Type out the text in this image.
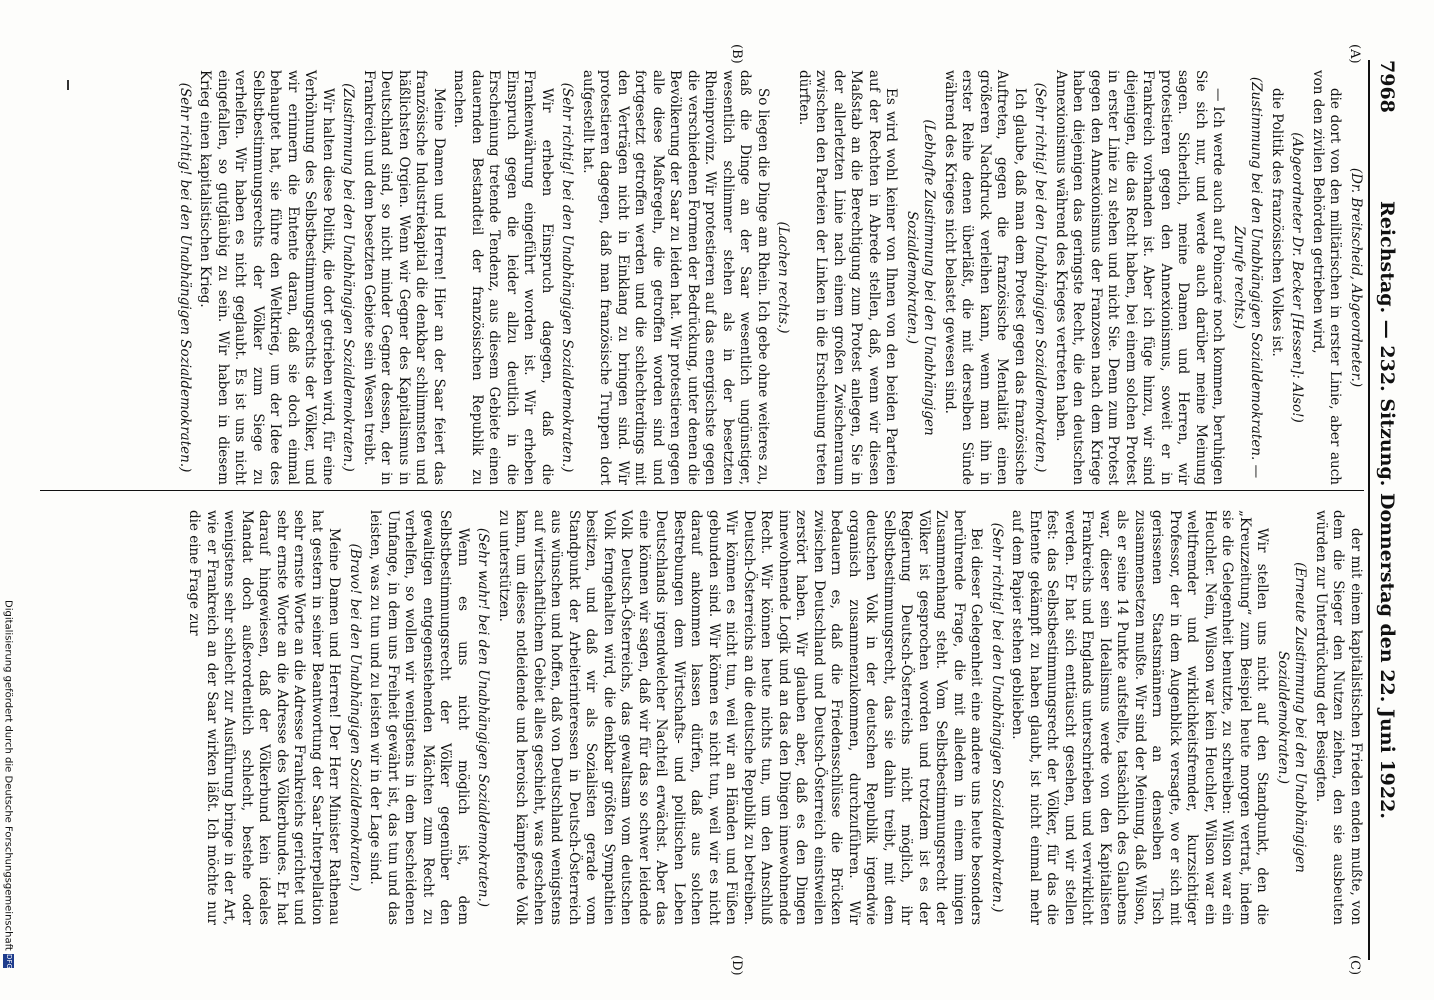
7968
Reichstag. — 232. Sitzung. Donnerstag den 22. Juni 1922.

(Dr. Breitscheid, Abgeordneter.)

die dort von den militärischen in erster Linie, aber auch von den zivilen Behörden getrieben wird,

(Abgeordneter Dr. Becker [Hessen]: Also!)

die Politik des französischen Volkes ist.

(Zustimmung bei den Unabhängigen Sozialdemokraten. — Zurufe rechts.)

— Ich werde auch auf Poincaré noch kommen, beruhigen Sie sich nur, und werde auch darüber meine Meinung sagen. Sicherlich, meine Damen und Herren, wir protestieren gegen den Annexionismus, soweit er in Frankreich vorhanden ist. Aber ich füge hinzu, wir sind diejenigen, die das Recht haben, bei einem solchen Protest in erster Linie zu stehen und nicht Sie. Denn zum Protest gegen den Annexionismus der Franzosen nach dem Kriege haben diejenigen das geringste Recht, die den deutschen Annexionismus während des Krieges vertreten haben.

(Sehr richtig! bei den Unabhängigen Sozialdemokraten.)

Ich glaube, daß man dem Protest gegen das französische Auftreten, gegen die französische Mentalität einen größeren Nachdruck verleihen kann, wenn man ihn in erster Reihe denen überläßt, die mit derselben Sünde während des Krieges nicht belastet gewesen sind.

(Lebhafte Zustimmung bei den Unabhängigen Sozialdemokraten.)

Es wird wohl keiner von Ihnen von den beiden Parteien auf der Rechten in Abrede stellen, daß, wenn wir diesen Maßstab an die Berechtigung zum Protest anlegen, Sie in der allerletzten Linie nach einem großen Zwischenraum zwischen den Parteien der Linken in die Erscheinung treten dürften.

(Lachen rechts.)

So liegen die Dinge am Rhein. Ich gebe ohne weiteres zu, daß die Dinge an der Saar wesentlich ungünstiger, wesentlich schlimmer stehen als in der besetzten Rheinprovinz. Wir protestieren auf das energischste gegen die verschiedenen Formen der Bedrückung, unter denen die Bevölkerung der Saar zu leiden hat. Wir protestieren gegen alle diese Maßregeln, die getroffen worden sind und fortgesetzt getroffen werden und die schlechterdings mit den Verträgen nicht in Einklang zu bringen sind. Wir protestieren dagegen, daß man französische Truppen dort aufgestellt hat.

(Sehr richtig! bei den Unabhängigen Sozialdemokraten.)

Wir erheben Einspruch dagegen, daß die Frankenwährung eingeführt worden ist. Wir erheben Einspruch gegen die leider allzu deutlich in die Erscheinung tretende Tendenz, aus diesem Gebiete einen dauernden Bestandteil der französischen Republik zu machen.

Meine Damen und Herren! Hier an der Saar feiert das französische Industriekapital die denkbar schlimmsten und häßlichsten Orgien. Wenn wir Gegner des Kapitalismus in Deutschland sind, so nicht minder Gegner dessen, der in Frankreich und dem besetzten Gebiete sein Wesen treibt.

(Zustimmung bei den Unabhängigen Sozialdemokraten.)

Wir halten diese Politik, die dort getrieben wird, für eine Verhöhnung des Selbstbestimmungsrechts der Völker, und wir erinnern die Entente daran, daß sie doch einmal behauptet hat, sie führe den Weltkrieg, um der Idee des Selbstbestimmungsrechts der Völker zum Siege zu verhelfen. Wir haben es nicht geglaubt. Es ist uns nicht eingefallen, so gutgläubig zu sein. Wir haben in diesem Krieg einen kapitalistischen Krieg.

(Sehr richtig! bei den Unabhängigen Sozialdemokraten.)

der mit einem kapitalistischen Frieden enden mußte, von dem die Sieger den Nutzen ziehen, den sie ausbeuten würden zur Unterdrückung der Besiegten.

(Erneute Zustimmung bei den Unabhängigen Sozialdemokraten.)

Wir stellen uns nicht auf den Standpunkt, den die „Kreuzzeitung“ zum Beispiel heute morgen vertrat, indem sie die Gelegenheit benutzte, zu schreiben: Wilson war ein Heuchler. Nein, Wilson war kein Heuchler, Wilson war ein weltfremder und wirklichkeitsfremder, kurzsichtiger Professor, der in dem Augenblick versagte, wo er sich mit gerissenen Staatsmännern an denselben Tisch zusammensetzen mußte. Wir sind der Meinung, daß Wilson, als er seine 14 Punkte aufstellte, tatsächlich des Glaubens war, dieser sein Idealismus werde von den Kapitalisten Frankreichs und Englands unterschrieben und verwirklicht werden. Er hat sich enttäuscht gesehen, und wir stellen fest: das Selbstbestimmungsrecht der Völker, für das die Entente gekämpft zu haben glaubt, ist nicht einmal mehr auf dem Papier stehen geblieben.

(Sehr richtig! bei den Unabhängigen Sozialdemokraten.)

Bei dieser Gelegenheit eine andere uns heute besonders berührende Frage, die mit alledem in einem innigen Zusammenhang steht. Vom Selbstbestimmungsrecht der Völker ist gesprochen worden und trotzdem ist es der Regierung Deutsch-Österreichs nicht möglich, ihr Selbstbestimmungsrecht, das sie dahin treibt, mit dem deutschen Volk in der deutschen Republik irgendwie organisch zusammenzukommen, durchzuführen. Wir bedauern es, daß die Friedensschlüsse die Brücken zwischen Deutschland und Deutsch-Österreich einstweilen zerstört haben. Wir glauben aber, daß es den Dingen innewohnende Logik und an das den Dingen innewohnende Recht. Wir können heute nichts tun, um den Anschluß Deutsch-Österreichs an die deutsche Republik zu betreiben. Wir können es nicht tun, weil wir an Händen und Füßen gebunden sind. Wir können es nicht tun, weil wir es nicht darauf ankommen lassen dürfen, daß aus solchen Bestrebungen dem Wirtschafts- und politischen Leben Deutschlands irgendwelcher Nachteil erwächst. Aber das eine können wir sagen, daß wir für das so schwer leidende Volk Deutsch-Österreichs, das gewaltsam vom deutschen Volk ferngehalten wird, die denkbar größten Sympathien besitzen, und daß wir als Sozialisten gerade vom Standpunkt der Arbeiterinteressen in Deutsch-Österreich aus wünschen und hoffen, daß von Deutschland wenigstens auf wirtschaftlichem Gebiet alles geschieht, was geschehen kann, um dieses notleidende und heroisch kämpfende Volk zu unterstützen.

(Sehr wahr! bei den Unabhängigen Sozialdemokraten.)

Wenn es uns nicht möglich ist, dem Selbstbestimmungsrecht der Völker gegenüber den gewaltigen entgegenstehenden Mächten zum Recht zu verhelfen, so wollen wir wenigstens in dem bescheidenen Umfange, in dem uns Freiheit gewährt ist, das tun und das leisten, was zu tun und zu leisten wir in der Lage sind.

(Bravo! bei den Unabhängigen Sozialdemokraten.)

Meine Damen und Herren! Der Herr Minister Rathenau hat gestern in seiner Beantwortung der Saar-Interpellation sehr ernste Worte an die Adresse Frankreichs gerichtet und sehr ernste Worte an die Adresse des Völkerbundes. Er hat darauf hingewiesen, daß der Völkerbund kein ideales Mandat doch außerordentlich schlecht, bestehe oder wenigstens sehr schlecht zur Ausführung bringe in der Art, wie er Frankreich an der Saar wirken läßt. Ich möchte nur die eine Frage zur

(A)
(B)
(C)
(D)
Digitalisierung gefördert durch die Deutsche Forschungsgemeinschaft DFG
